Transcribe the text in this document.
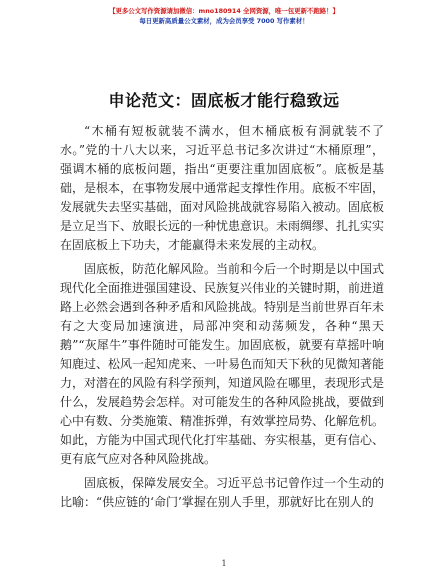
【更多公文写作资源请加微信：mno180914 全网资源，唯一包更新不跑路！】
每日更新高质量公文素材，成为会员享受 7000 写作素材！
申论范文：固底板才能行稳致远

“木桶有短板就装不满水，但木桶底板有洞就装不了水。”党的十八大以来，习近平总书记多次讲过“木桶原理”，强调木桶的底板问题，指出“更要注重加固底板”。底板是基础，是根本，在事物发展中通常起支撑性作用。底板不牢固，发展就失去坚实基础，面对风险挑战就容易陷入被动。固底板是立足当下、放眼长远的一种忧患意识。未雨绸缪、扎扎实实在固底板上下功夫，才能赢得未来发展的主动权。

固底板，防范化解风险。当前和今后一个时期是以中国式现代化全面推进强国建设、民族复兴伟业的关键时期，前进道路上必然会遇到各种矛盾和风险挑战。特别是当前世界百年未有之大变局加速演进，局部冲突和动荡频发，各种“黑天鹅”“灰犀牛”事件随时可能发生。加固底板，就要有草摇叶响知鹿过、松风一起知虎来、一叶易色而知天下秋的见微知著能力，对潜在的风险有科学预判，知道风险在哪里，表现形式是什么，发展趋势会怎样。对可能发生的各种风险挑战，要做到心中有数、分类施策、精准拆弹，有效掌控局势、化解危机。如此，方能为中国式现代化打牢基础、夯实根基，更有信心、更有底气应对各种风险挑战。

固底板，保障发展安全。习近平总书记曾作过一个生动的比喻：“供应链的‘命门’掌握在别人手里，那就好比在别人的

1
